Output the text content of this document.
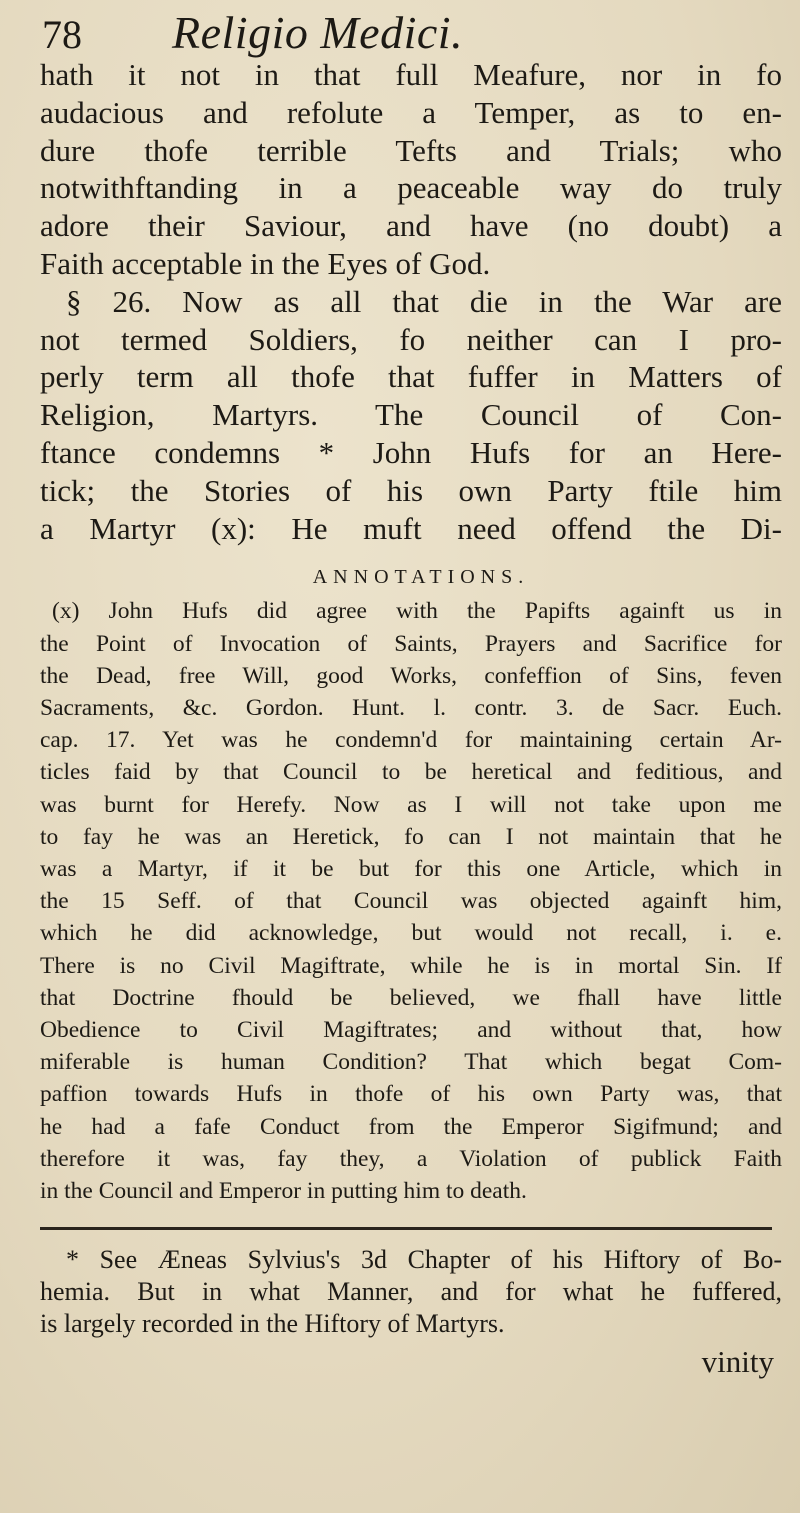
78	Religio Medici.
hath it not in that full Meafure, nor in fo
audacious and refolute a Temper, as to en-
dure thofe terrible Tefts and Trials; who
notwithftanding in a peaceable way do truly
adore their Saviour, and have (no doubt) a
Faith acceptable in the Eyes of God.
§ 26. Now as all that die in the War are
not termed Soldiers, fo neither can I pro-
perly term all thofe that fuffer in Matters of
Religion, Martyrs. The Council of Con-
ftance condemns * John Hufs for an Here-
tick; the Stories of his own Party ftile him
a Martyr (x): He muft need offend the Di-
ANNOTATIONS.
(x) John Hufs did agree with the Papifts againft us in
the Point of Invocation of Saints, Prayers and Sacrifice for
the Dead, free Will, good Works, confeffion of Sins, feven
Sacraments, &c. Gordon. Hunt. l. contr. 3. de Sacr. Euch.
cap. 17. Yet was he condemn'd for maintaining certain Ar-
ticles faid by that Council to be heretical and feditious, and
was burnt for Herefy. Now as I will not take upon me
to fay he was an Heretick, fo can I not maintain that he
was a Martyr, if it be but for this one Article, which in
the 15 Seff. of that Council was objected againft him,
which he did acknowledge, but would not recall, i. e.
There is no Civil Magiftrate, while he is in mortal Sin. If
that Doctrine fhould be believed, we fhall have little
Obedience to Civil Magiftrates; and without that, how
miferable is human Condition? That which begat Com-
paffion towards Hufs in thofe of his own Party was, that
he had a fafe Conduct from the Emperor Sigifmund; and
therefore it was, fay they, a Violation of publick Faith
in the Council and Emperor in putting him to death.
* See Æneas Sylvius's 3d Chapter of his Hiftory of Bo-
hemia. But in what Manner, and for what he fuffered,
is largely recorded in the Hiftory of Martyrs.
vinity
